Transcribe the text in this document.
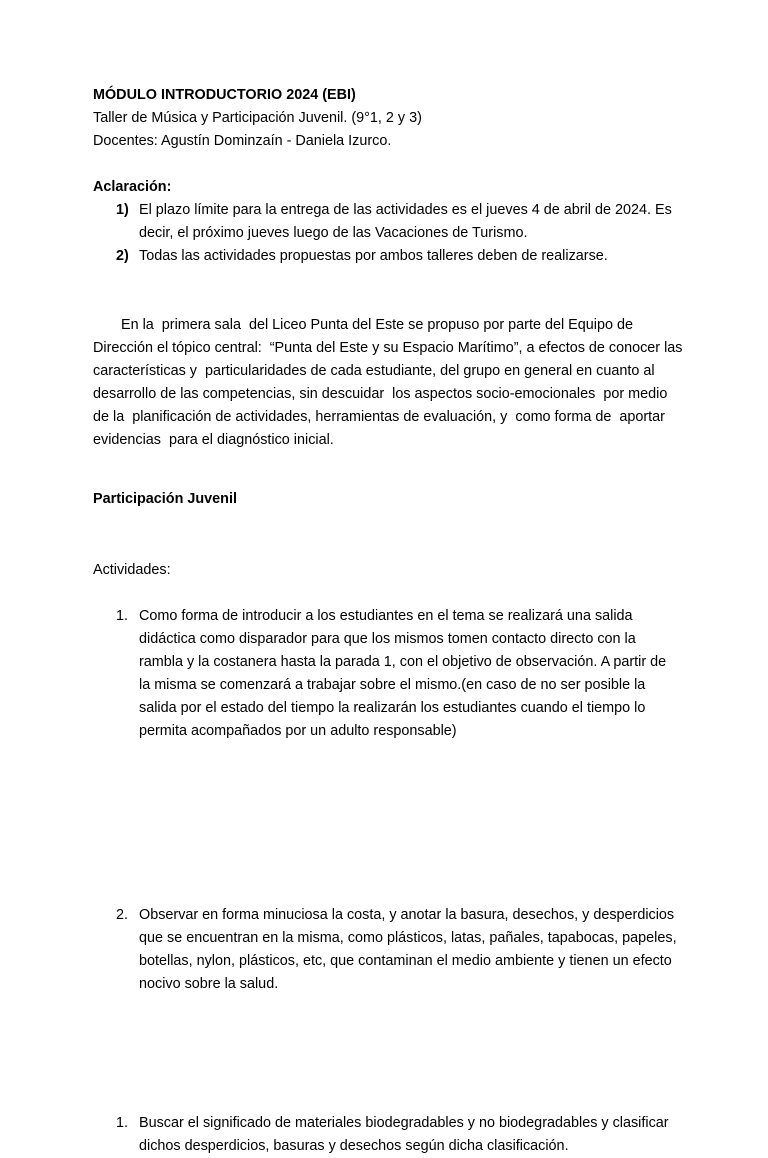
MÓDULO INTRODUCTORIO 2024 (EBI)
Taller de Música y Participación Juvenil. (9°1, 2 y 3)
Docentes: Agustín Dominzaín - Daniela Izurco.
Aclaración:
1) El plazo límite para la entrega de las actividades es el jueves 4 de abril de 2024. Es
decir, el próximo jueves luego de las Vacaciones de Turismo.
2) Todas las actividades propuestas por ambos talleres deben de realizarse.
En la  primera sala  del Liceo Punta del Este se propuso por parte del Equipo de
Dirección el tópico central:  “Punta del Este y su Espacio Marítimo”, a efectos de conocer las
características y  particularidades de cada estudiante, del grupo en general en cuanto al
desarrollo de las competencias, sin descuidar  los aspectos socio-emocionales  por medio
de la  planificación de actividades, herramientas de evaluación, y  como forma de  aportar
evidencias  para el diagnóstico inicial.
Participación Juvenil
Actividades:
1. Como forma de introducir a los estudiantes en el tema se realizará una salida
didáctica como disparador para que los mismos tomen contacto directo con la
rambla y la costanera hasta la parada 1, con el objetivo de observación. A partir de
la misma se comenzará a trabajar sobre el mismo.(en caso de no ser posible la
salida por el estado del tiempo la realizarán los estudiantes cuando el tiempo lo
permita acompañados por un adulto responsable)
2. Observar en forma minuciosa la costa, y anotar la basura, desechos, y desperdicios
que se encuentran en la misma, como plásticos, latas, pañales, tapabocas, papeles,
botellas, nylon, plásticos, etc, que contaminan el medio ambiente y tienen un efecto
nocivo sobre la salud.
1. Buscar el significado de materiales biodegradables y no biodegradables y clasificar
dichos desperdicios, basuras y desechos según dicha clasificación.
